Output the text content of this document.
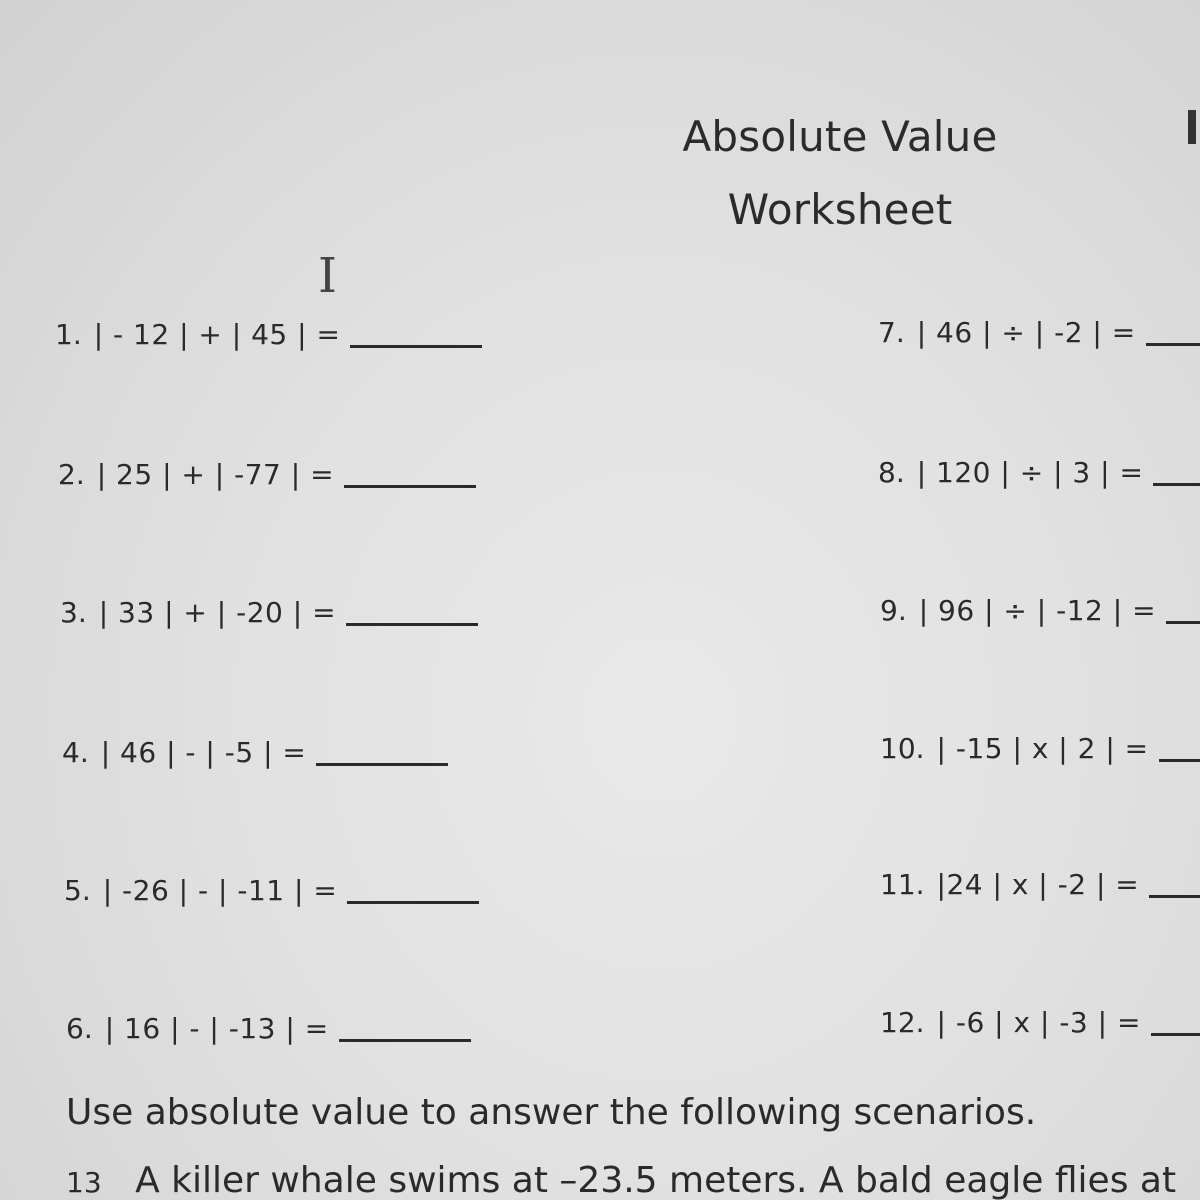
Absolute Value
Worksheet
I
1. | - 12 | + | 45 | =
2. | 25 | + | -77 | =
3. | 33 | + | -20 | =
4. | 46 | - | -5 | =
5. | -26 | - | -11 | =
6. | 16 | - | -13 | =
7. | 46 | ÷ | -2 | =
8. | 120 | ÷ | 3 | =
9. | 96 | ÷ | -12 | =
10. | -15 | x | 2 | =
11. |24 | x | -2 | =
12. | -6 | x | -3 | =
Use absolute value to answer the following scenarios.
13 A killer whale swims at –23.5 meters. A bald eagle flies at
